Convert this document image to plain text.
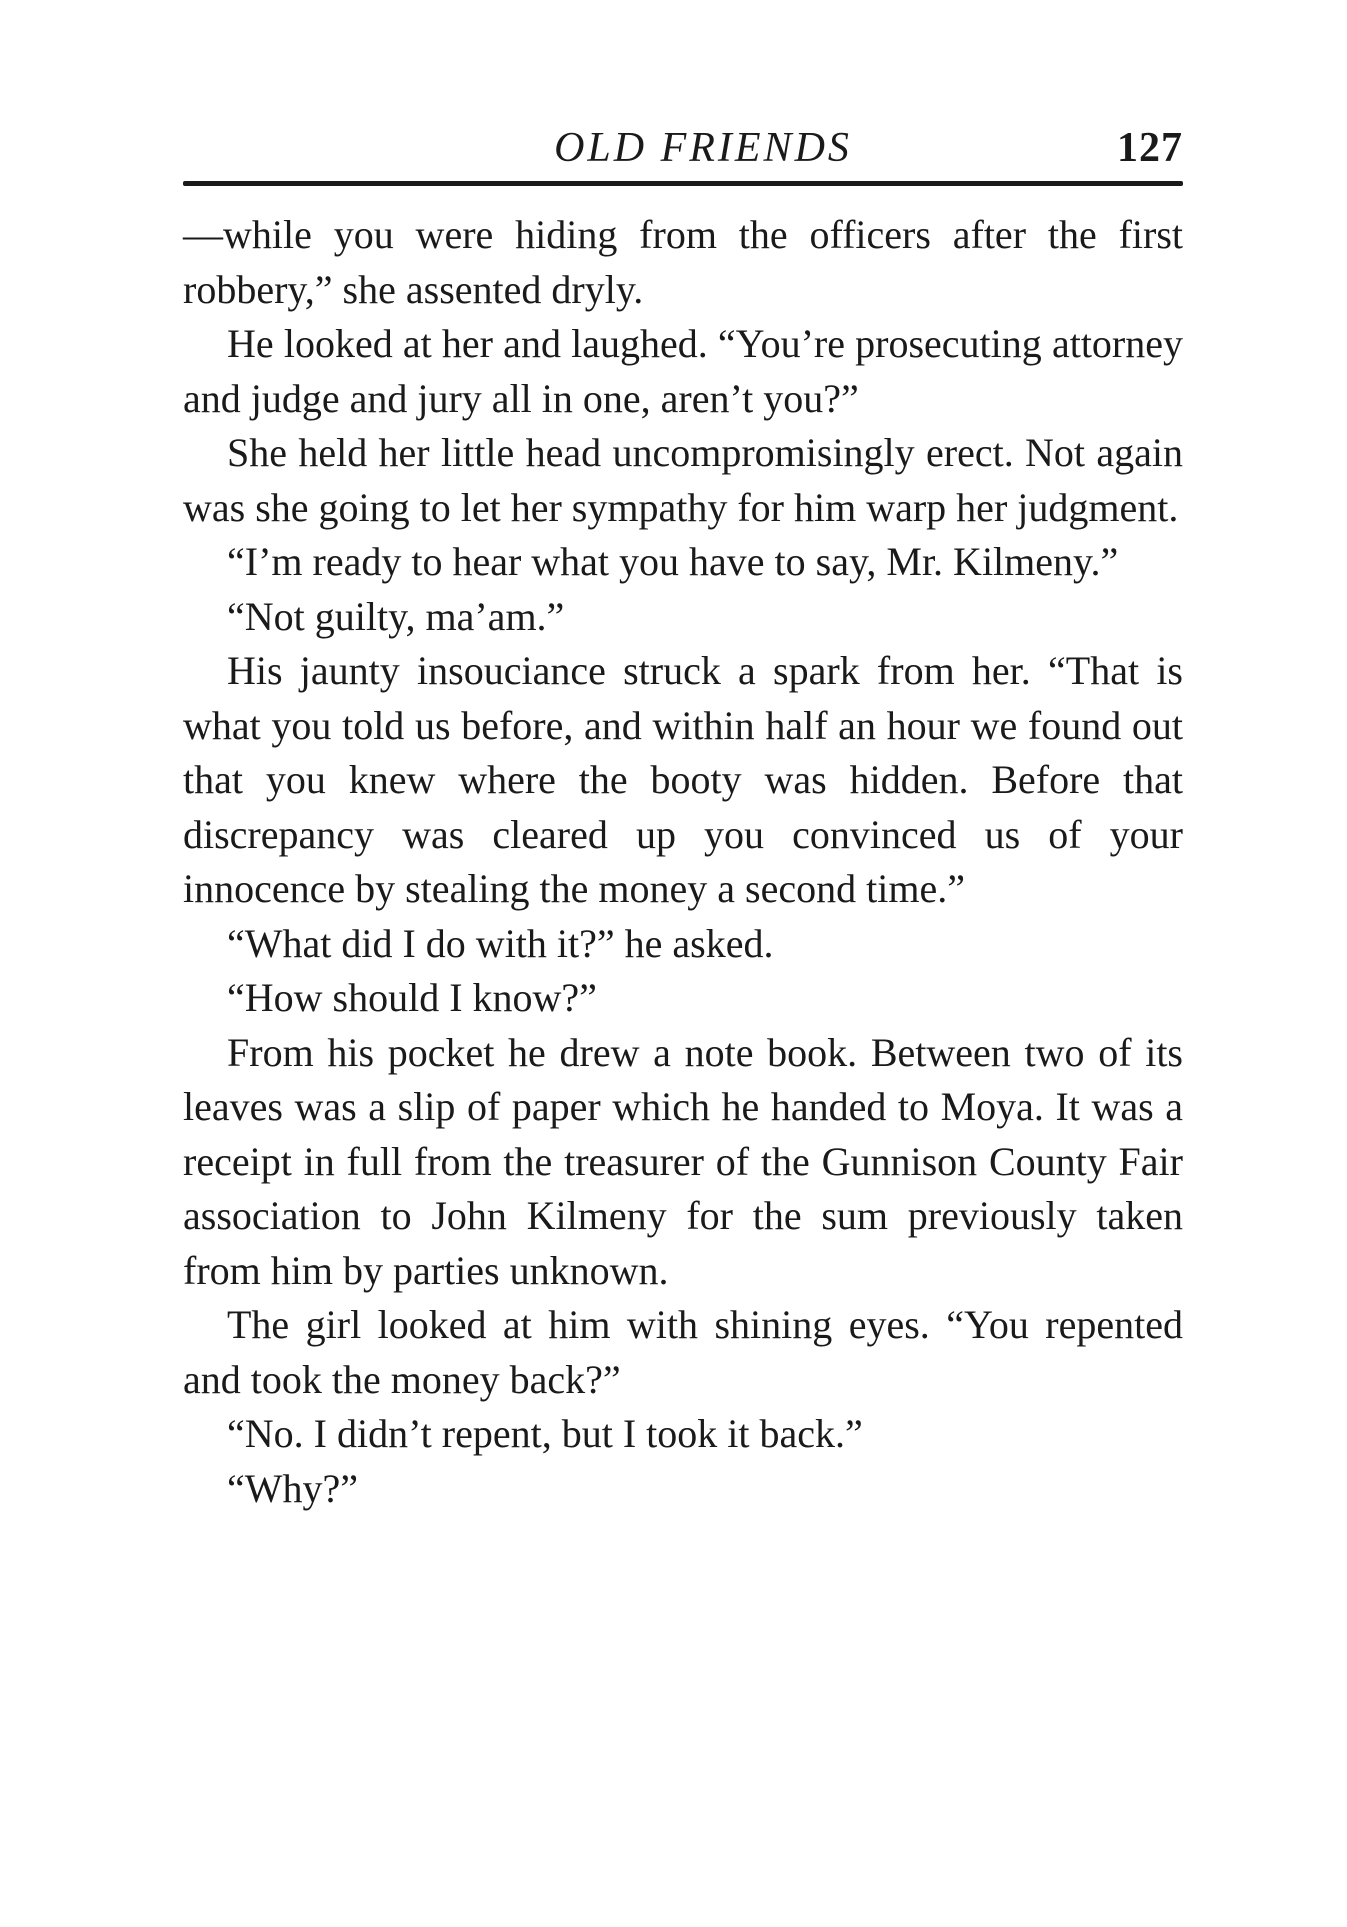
OLD FRIENDS	127

—while you were hiding from the officers after the first robbery,” she assented dryly.

He looked at her and laughed. “You’re prosecuting attorney and judge and jury all in one, aren’t you?”

She held her little head uncompromisingly erect. Not again was she going to let her sympathy for him warp her judgment.

“I’m ready to hear what you have to say, Mr. Kilmeny.”

“Not guilty, ma’am.”

His jaunty insouciance struck a spark from her. “That is what you told us before, and within half an hour we found out that you knew where the booty was hidden. Before that discrepancy was cleared up you convinced us of your innocence by stealing the money a second time.”

“What did I do with it?” he asked.

“How should I know?”

From his pocket he drew a note book. Between two of its leaves was a slip of paper which he handed to Moya. It was a receipt in full from the treasurer of the Gunnison County Fair association to John Kilmeny for the sum previously taken from him by parties unknown.

The girl looked at him with shining eyes. “You repented and took the money back?”

“No. I didn’t repent, but I took it back.”

“Why?”
